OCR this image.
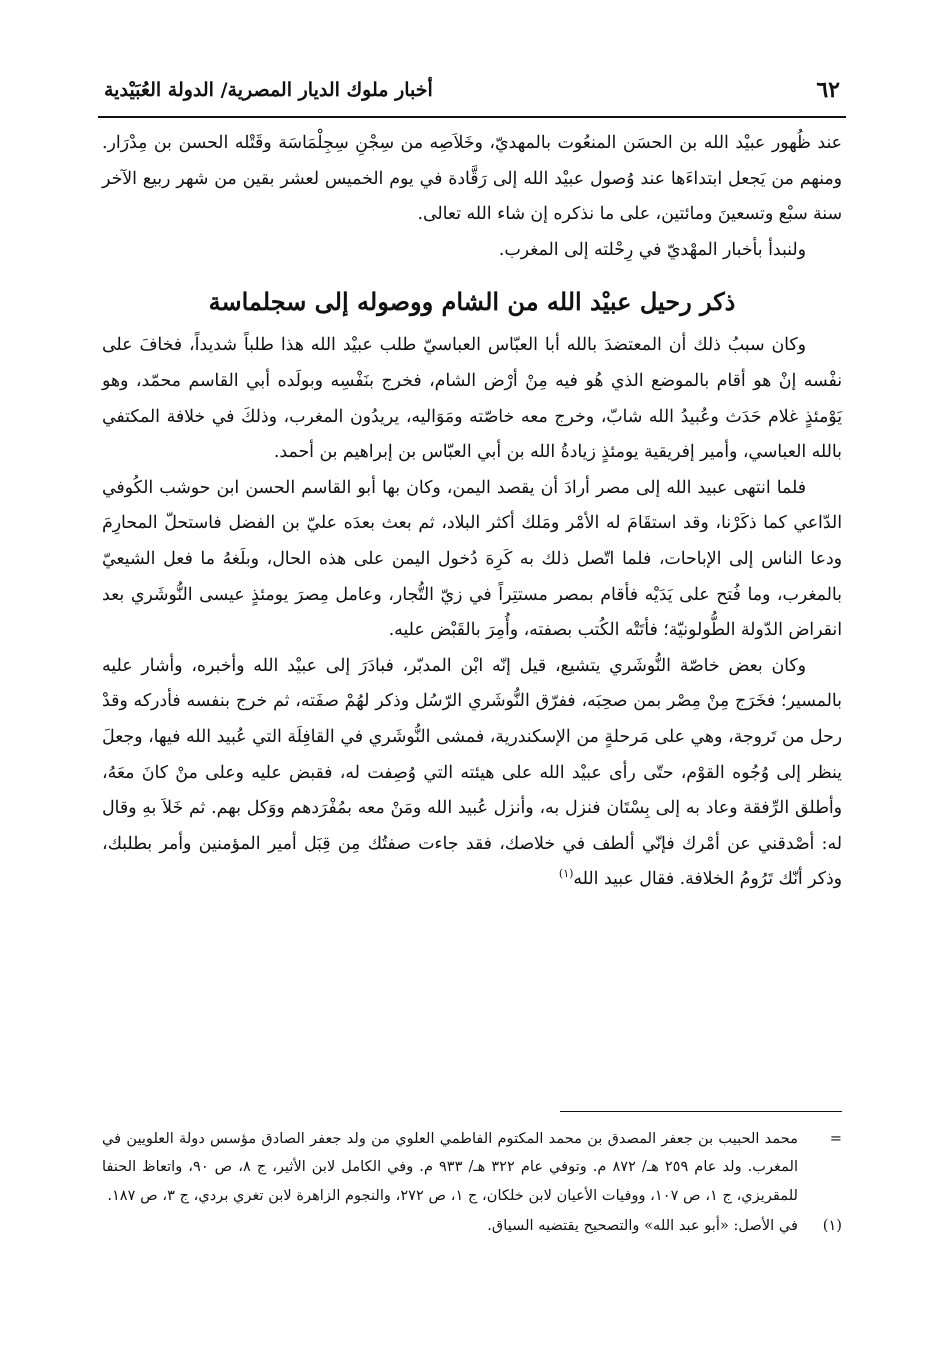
٦٢
أخبار ملوك الديار المصرية/ الدولة العُبَيْدية

عند ظُهور عبيْد الله بن الحسَن المنعُوت بالمهديّ، وخَلاَصِه من سِجْنِ سِجِلْمَاسَة وقَتْله الحسن بن مِدْرَار. ومنهم من يَجعل ابتداءَها عند وُصول عبيْد الله إلى رَقَّادة في يوم الخميس لعشر بقين من شهر ربيع الآخر سنة سبْع وتسعينَ ومائتين، على ما نذكره إن شاء الله تعالى.

ولنبدأ بأخبار المهْديّ في رِحْلته إلى المغرب.

ذكر رحيل عبيْد الله من الشام ووصوله إلى سجلماسة

وكان سببُ ذلك أن المعتضدَ بالله أبا العبّاس العباسيّ طلب عبيْد الله هذا طلباً شديداً، فخافَ على نفْسه إنْ هو أقام بالموضع الذي هُو فيه مِنْ أرْض الشام، فخرج بنَفْسِه وبولَده أبي القاسم محمّد، وهو يَوْمئذٍ غلام حَدَث وعُبيدُ الله شابّ، وخرج معه خاصّته ومَوَاليه، يريدُون المغرب، وذلكَ في خلافة المكتفي بالله العباسي، وأمير إفريقية يومئذٍ زيادةُ الله بن أبي العبّاس بن إبراهيم بن أحمد.

فلما انتهى عبيد الله إلى مصر أرادَ أن يقصد اليمن، وكان بها أبو القاسم الحسن ابن حوشب الكُوفي الدّاعي كما ذكَرْنا، وقد استقَامَ له الأمْر ومَلك أكثر البلاد، ثم بعث بعدَه عليّ بن الفضل فاستحلّ المحارِمَ ودعا الناس إلى الإباحات، فلما اتّصل ذلك به كَرِهَ دُخول اليمن على هذه الحال، وبلَغهُ ما فعل الشيعيّ بالمغرب، وما فُتح على يَدَيْه فأقام بمصر مستتِراً في زيّ التُّجار، وعامل مِصرَ يومئذٍ عيسى النُّوشَري بعد انقراض الدّولة الطُّولونيّة؛ فأتَتْه الكُتب بصفته، وأُمِرَ بالقَبْض عليه.

وكان بعض خاصّة النُّوشَري يتشيع، قيل إنّه ابْن المدبّر، فبادَرَ إلى عبيْد الله وأخبره، وأشار عليه بالمسير؛ فخَرَج مِنْ مِصْر بمن صحِبَه، ففرّق النُّوشَري الرّسُل وذكر لهُمْ صفَته، ثم خرج بنفسه فأدركه وقدْ رحل من تَروجة، وهي على مَرحلةٍ من الإسكندرية، فمشى النُّوشَري في القافِلَة التي عُبيد الله فيها، وجعلَ ينظر إلى وُجُوه القوْم، حتّى رأى عبيْد الله على هيئته التي وُصِفت له، فقبض عليه وعلى منْ كانَ معَهُ، وأطلق الرِّفقة وعاد به إلى بِسْتَان فنزل به، وأنزل عُبيد الله ومَنْ معه بمُفْرَدهم ووَكل بهم. ثم خَلاَ بهِ وقال له: أصْدقني عن أمْرك فإنّي ألطف في خلاصك، فقد جاءت صفتُك مِن قِبَل أمير المؤمنين وأمر بطلبك، وذكر أنّك تَرُومُ الخلافة. فقال عبيد الله$^{(١)}$

=
محمد الحبيب بن جعفر المصدق بن محمد المكتوم الفاطمي العلوي من ولد جعفر الصادق مؤسس دولة العلويين في المغرب. ولد عام ٢٥٩ هـ/ ٨٧٢ م. وتوفي عام ٣٢٢ هـ/ ٩٣٣ م. وفي الكامل لابن الأثير، ج ٨، ص ٩٠، واتعاظ الحنفا للمقريزي، ج ١، ص ١٠٧، ووفيات الأعيان لابن خلكان، ج ١، ص ٢٧٢، والنجوم الزاهرة لابن تغري بردي، ج ٣، ص ١٨٧.
(١)
في الأصل: «أبو عبد الله» والتصحيح يقتضيه السياق.
